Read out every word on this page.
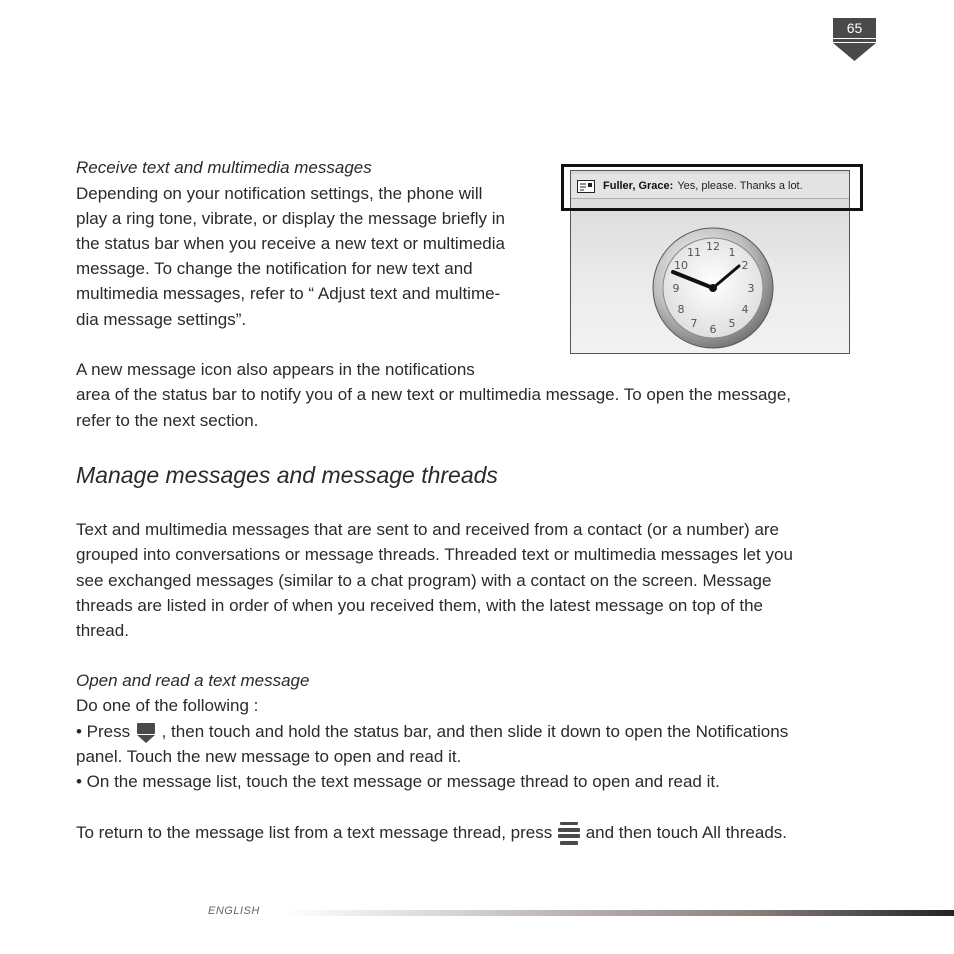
65

Receive text and multimedia messages

Depending on your notification settings, the phone will

play a ring tone, vibrate, or display the message briefly in

the status bar when you receive a new text or multimedia

message. To change the notification for new text and

multimedia messages, refer to “ Adjust text and multime-

dia message settings”.

A new message icon also appears in the notifications

area of the status bar to notify you of a new text or multimedia message. To open the message,

refer to the next section.

Fuller, Grace: Yes, please. Thanks a lot.
12 1
2
3
4
5
6
7
8
9
10
11
Manage messages and message threads

Text and multimedia messages that are sent to and received from a contact (or a number) are

grouped into conversations or message threads. Threaded text or multimedia messages let you

see exchanged messages (similar to a chat program) with a contact on the screen. Message

threads are listed in order of when you received them, with the latest message on top of the

thread.

Open and read a text message

Do one of the following :

• Press , then touch and hold the status bar, and then slide it down to open the Notifications

panel. Touch the new message to open and read it.

• On the message list, touch the text message or message thread to open and read it.

To return to the message list from a text message thread, press and then touch All threads.

ENGLISH
